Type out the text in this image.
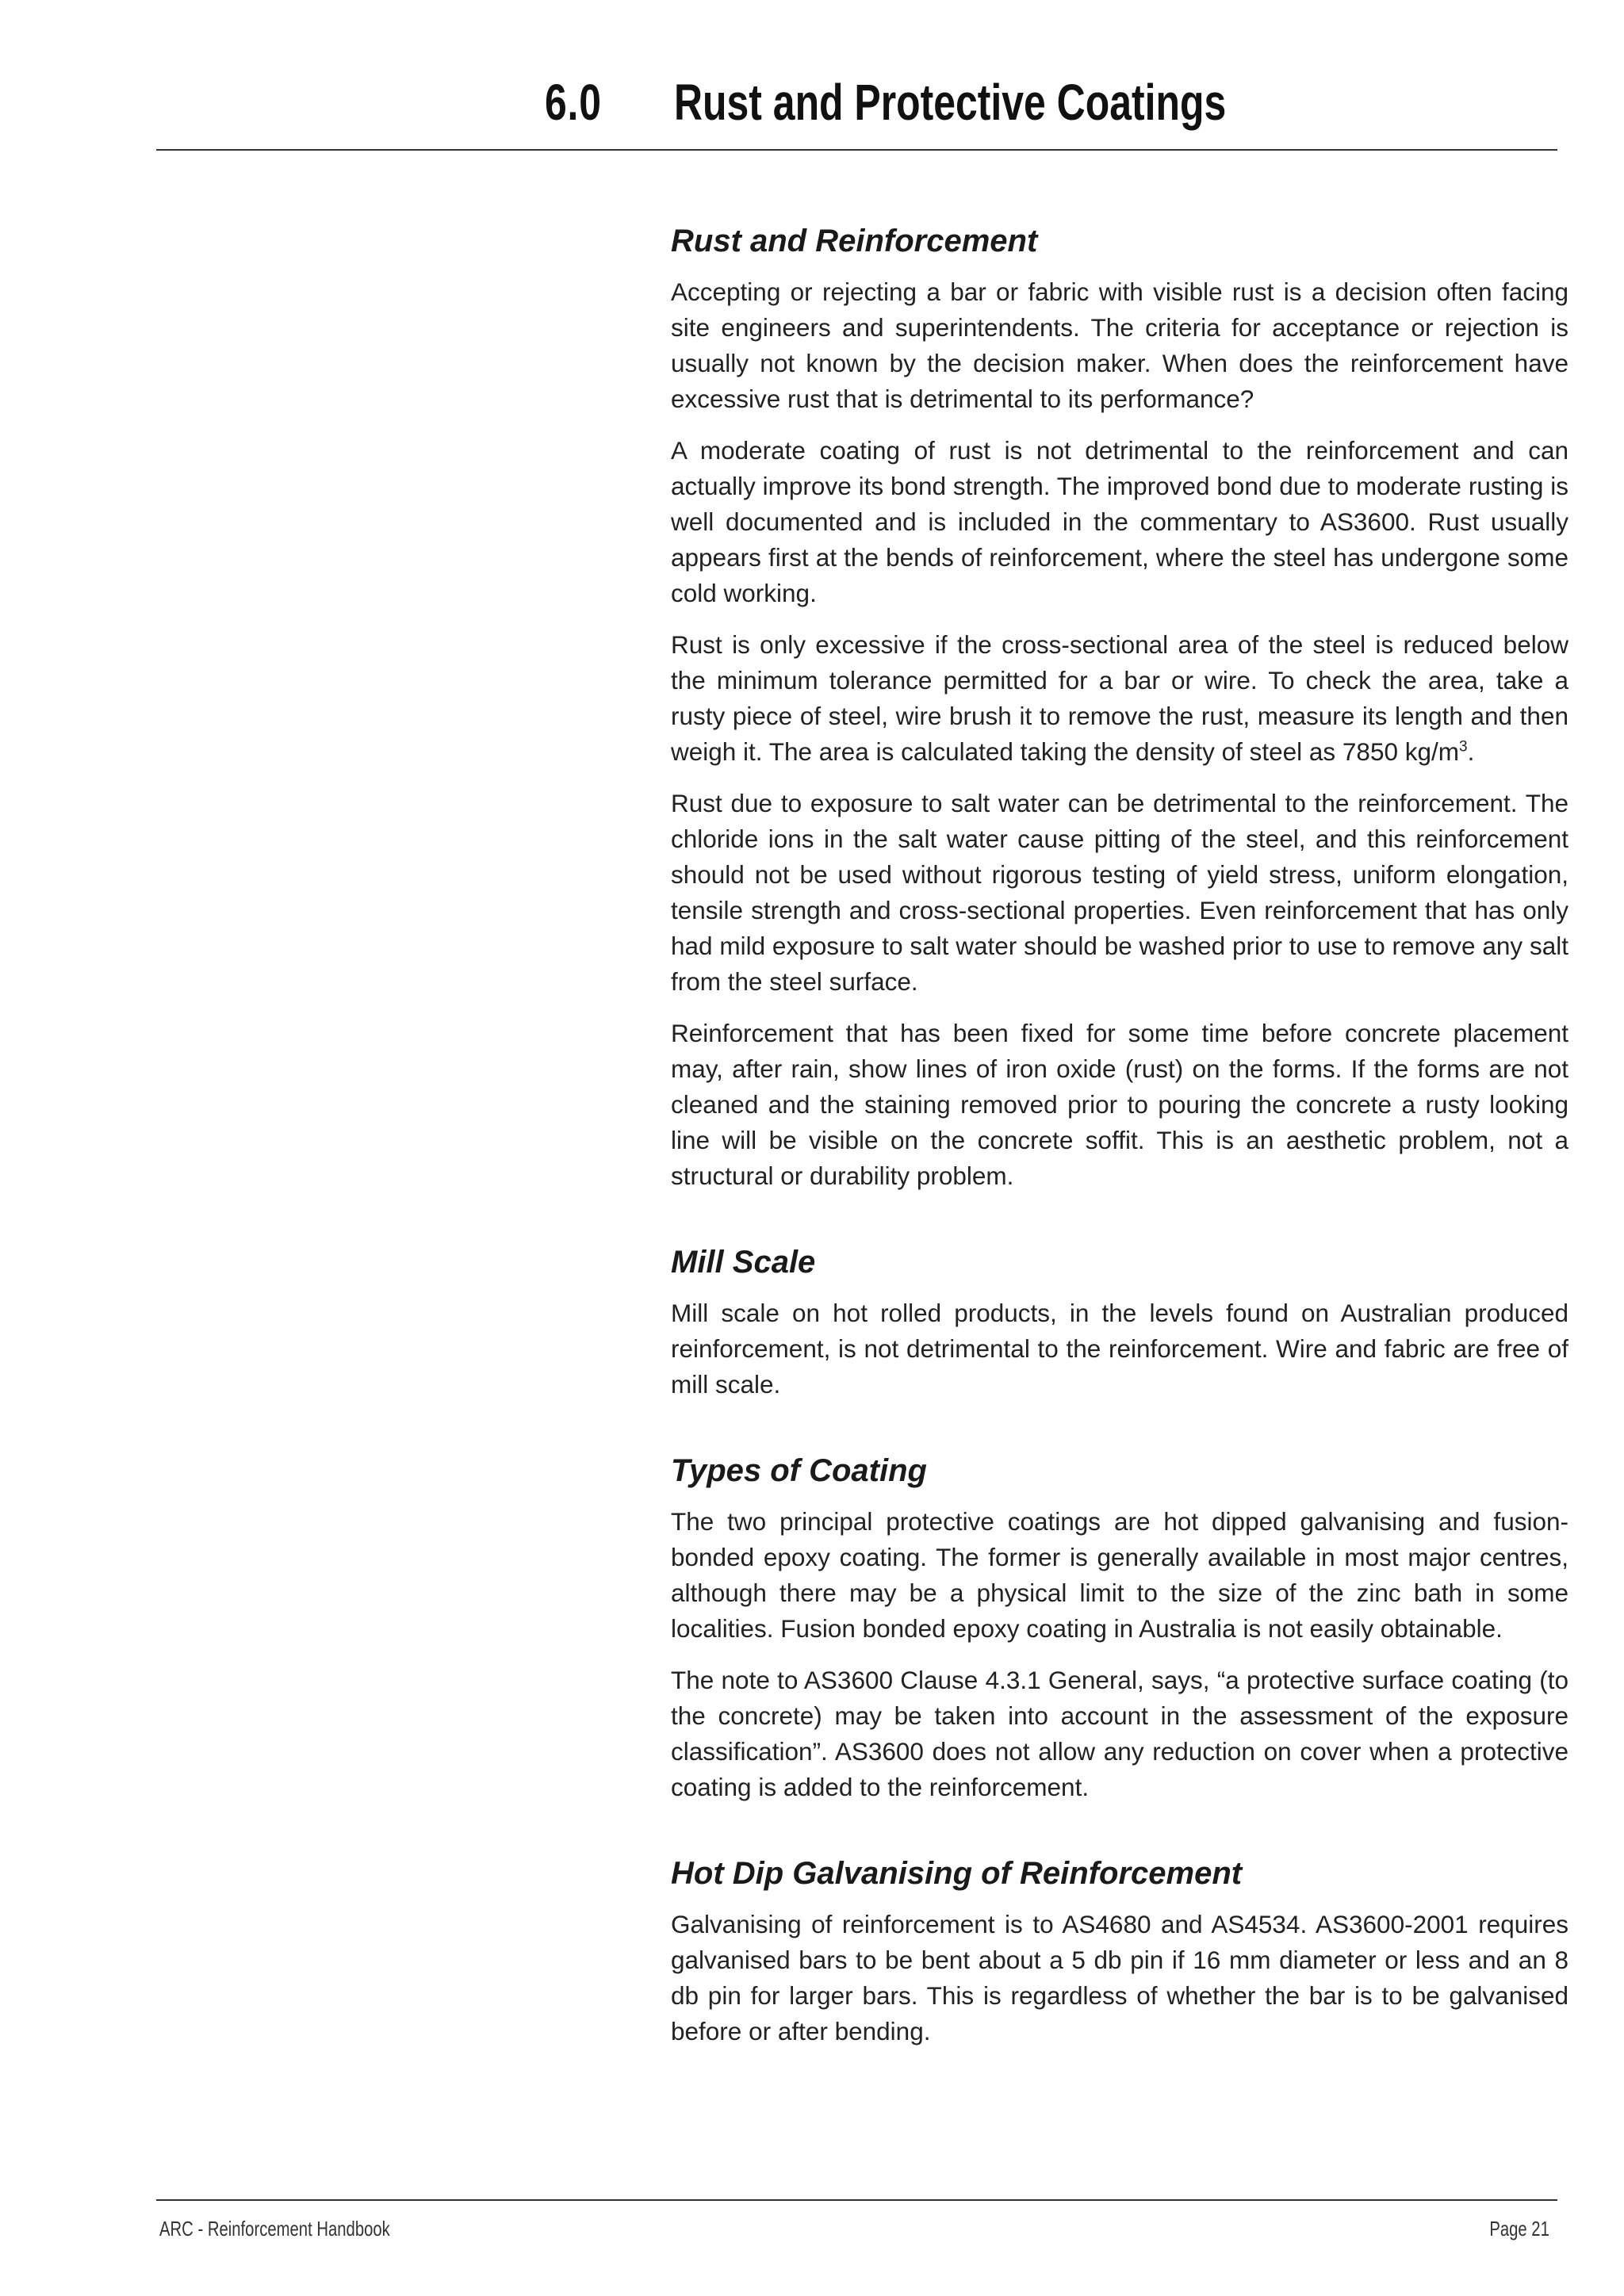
6.0 Rust and Protective Coatings
Rust and Reinforcement

Accepting or rejecting a bar or fabric with visible rust is a decision often facing site engineers and superintendents. The criteria for acceptance or rejection is usually not known by the decision maker. When does the reinforcement have excessive rust that is detrimental to its performance?

A moderate coating of rust is not detrimental to the reinforcement and can actually improve its bond strength. The improved bond due to moderate rusting is well documented and is included in the commentary to AS3600. Rust usually appears first at the bends of reinforcement, where the steel has undergone some cold working.

Rust is only excessive if the cross-sectional area of the steel is reduced below the minimum tolerance permitted for a bar or wire. To check the area, take a rusty piece of steel, wire brush it to remove the rust, measure its length and then weigh it. The area is calculated taking the density of steel as 7850 $kg/m^3$.

Rust due to exposure to salt water can be detrimental to the reinforcement. The chloride ions in the salt water cause pitting of the steel, and this reinforcement should not be used without rigorous testing of yield stress, uniform elongation, tensile strength and cross-sectional properties. Even reinforcement that has only had mild exposure to salt water should be washed prior to use to remove any salt from the steel surface.

Reinforcement that has been fixed for some time before concrete placement may, after rain, show lines of iron oxide (rust) on the forms. If the forms are not cleaned and the staining removed prior to pouring the concrete a rusty looking line will be visible on the concrete soffit. This is an aesthetic problem, not a structural or durability problem.

Mill Scale

Mill scale on hot rolled products, in the levels found on Australian produced reinforcement, is not detrimental to the reinforcement. Wire and fabric are free of mill scale.

Types of Coating

The two principal protective coatings are hot dipped galvanising and fusion-bonded epoxy coating. The former is generally available in most major centres, although there may be a physical limit to the size of the zinc bath in some localities. Fusion bonded epoxy coating in Australia is not easily obtainable.

The note to AS3600 Clause 4.3.1 General, says, “a protective surface coating (to the concrete) may be taken into account in the assessment of the exposure classification”. AS3600 does not allow any reduction on cover when a protective coating is added to the reinforcement.

Hot Dip Galvanising of Reinforcement

Galvanising of reinforcement is to AS4680 and AS4534. AS3600-2001 requires galvanised bars to be bent about a 5 db pin if 16 mm diameter or less and an 8 db pin for larger bars. This is regardless of whether the bar is to be galvanised before or after bending.

ARC - Reinforcement Handbook	Page 21
